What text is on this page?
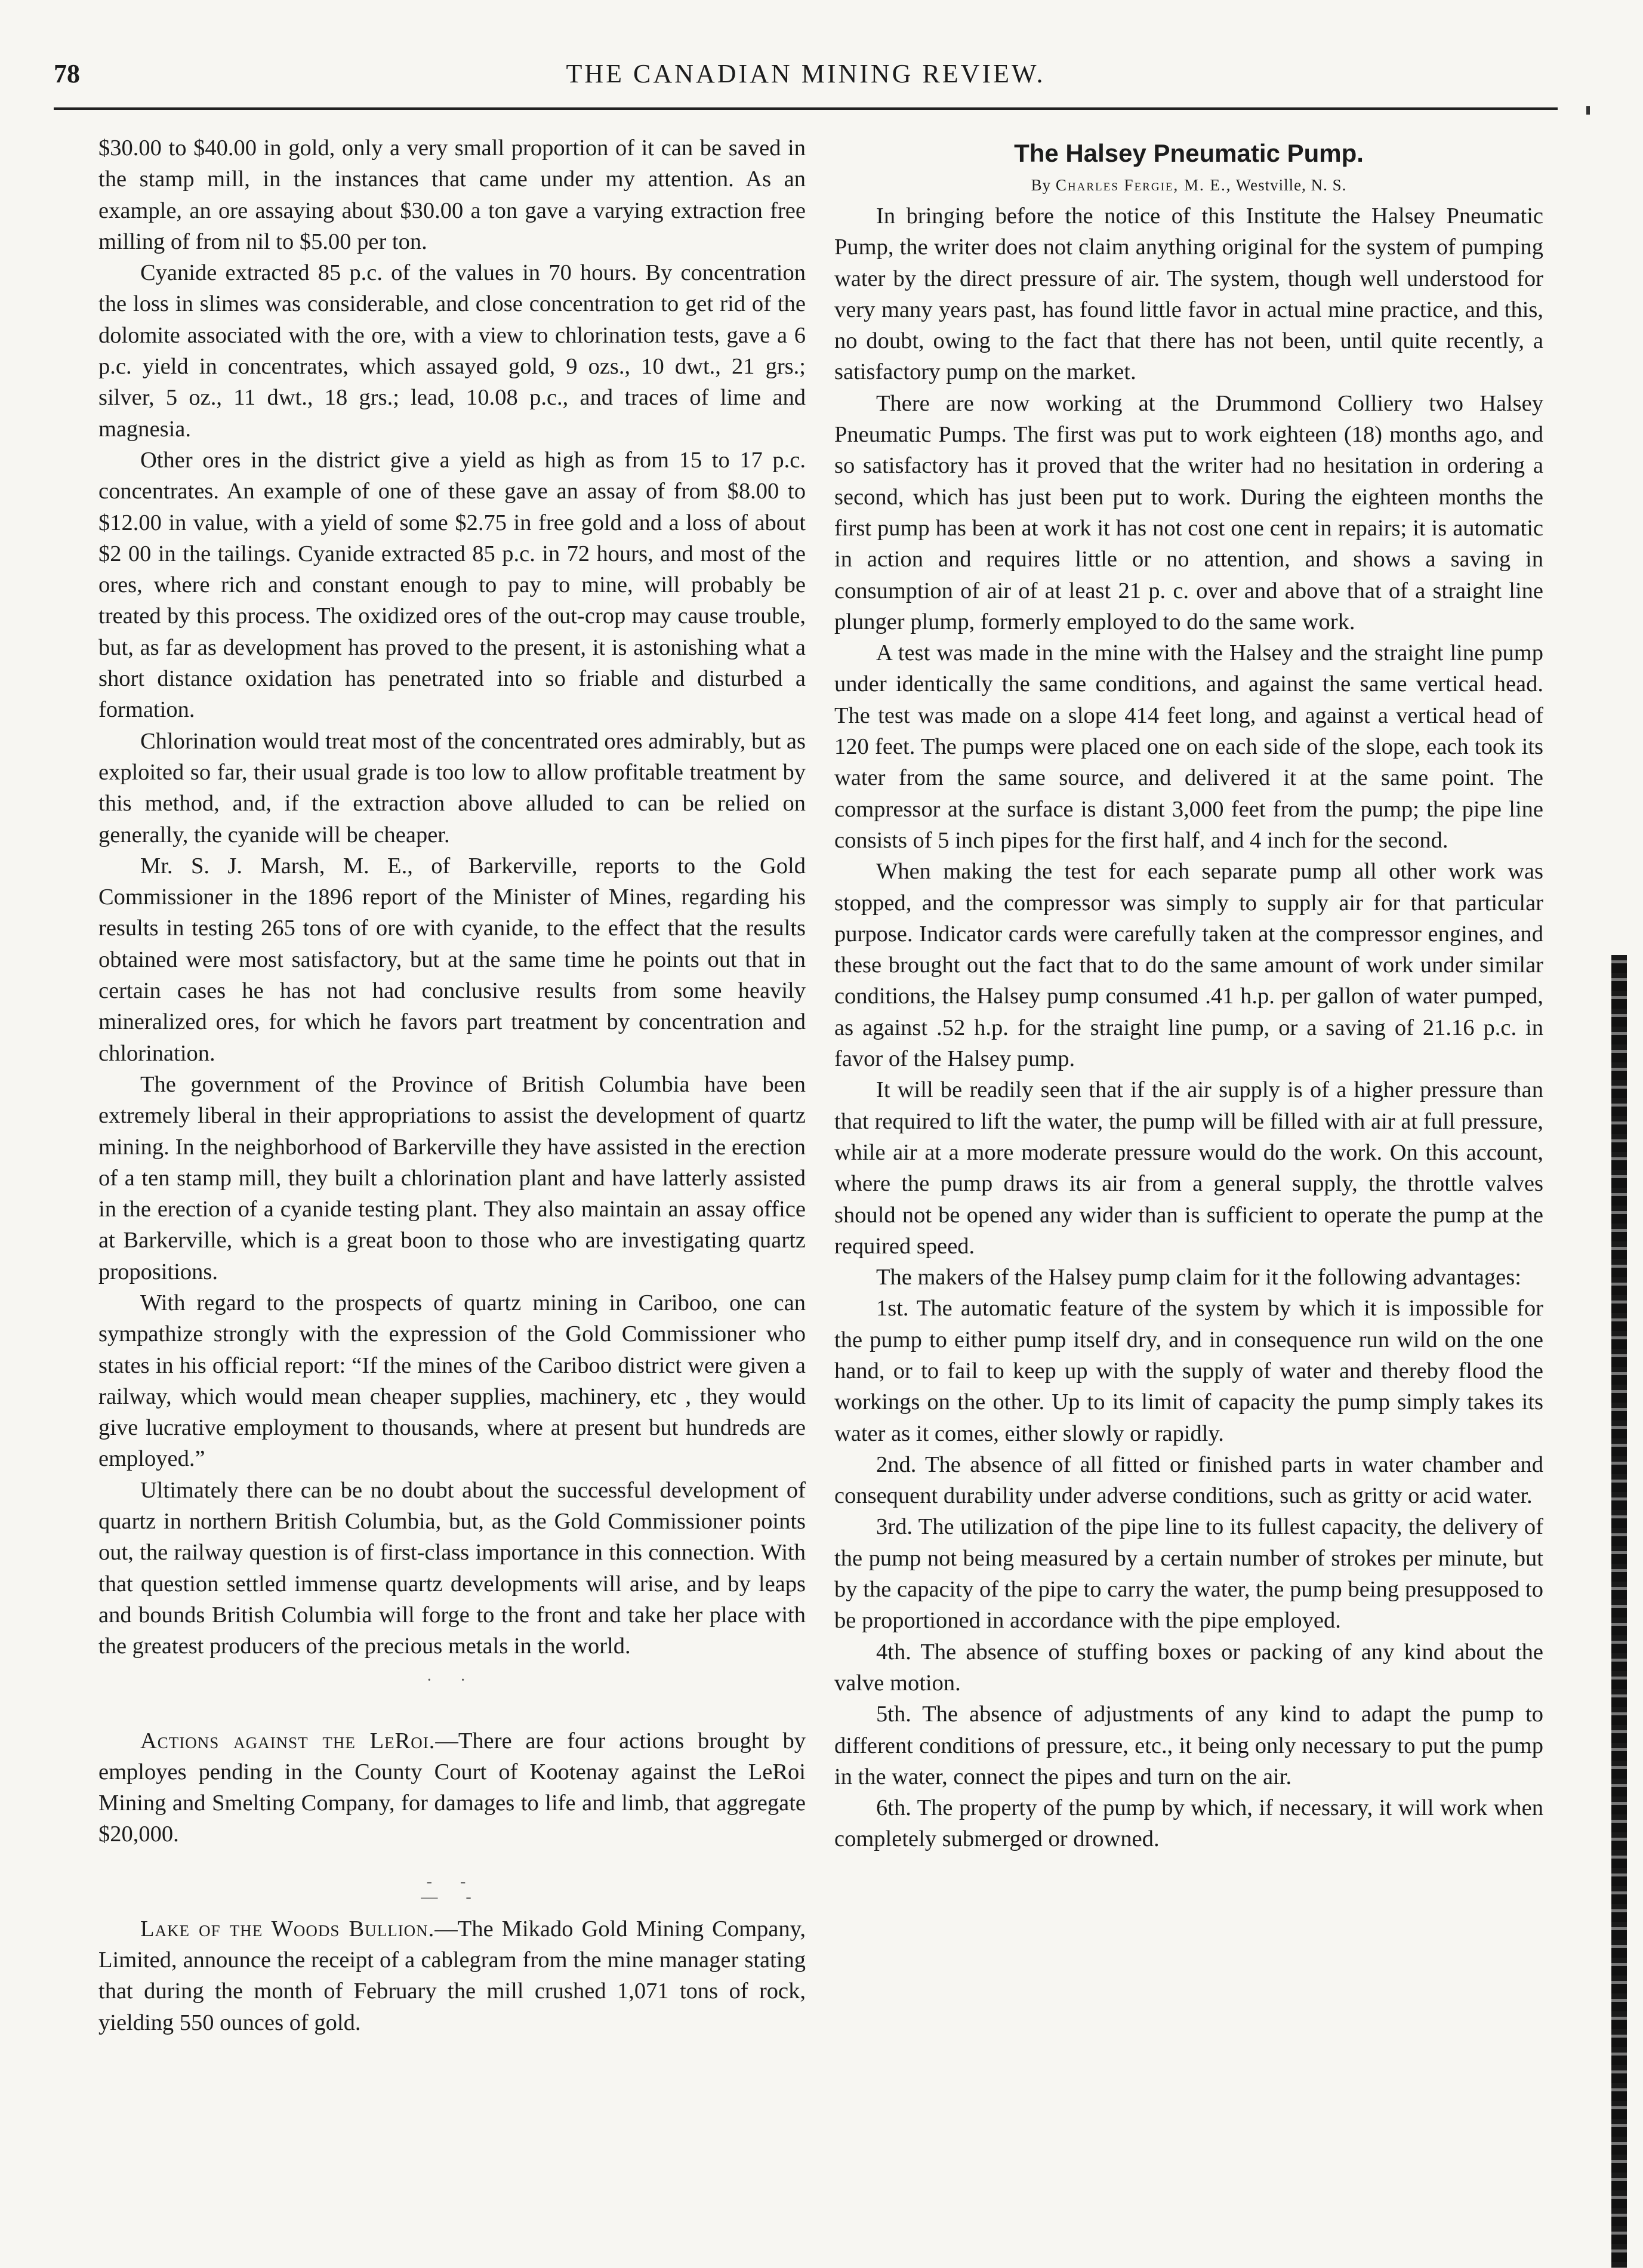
78	THE CANADIAN MINING REVIEW.

$30.00 to $40.00 in gold, only a very small proportion of it can be saved in the stamp mill, in the instances that came under my attention. As an example, an ore assaying about $30.00 a ton gave a varying extraction free milling of from nil to $5.00 per ton.

Cyanide extracted 85 p.c. of the values in 70 hours. By concentration the loss in slimes was considerable, and close concentration to get rid of the dolomite associated with the ore, with a view to chlorination tests, gave a 6 p.c. yield in concentrates, which assayed gold, 9 ozs., 10 dwt., 21 grs.; silver, 5 oz., 11 dwt., 18 grs.; lead, 10.08 p.c., and traces of lime and magnesia.

Other ores in the district give a yield as high as from 15 to 17 p.c. concentrates. An example of one of these gave an assay of from $8.00 to $12.00 in value, with a yield of some $2.75 in free gold and a loss of about $2 00 in the tailings. Cyanide extracted 85 p.c. in 72 hours, and most of the ores, where rich and constant enough to pay to mine, will probably be treated by this process. The oxidized ores of the out-crop may cause trouble, but, as far as development has proved to the present, it is astonishing what a short distance oxidation has penetrated into so friable and disturbed a formation.

Chlorination would treat most of the concentrated ores admirably, but as exploited so far, their usual grade is too low to allow profitable treatment by this method, and, if the extraction above alluded to can be relied on generally, the cyanide will be cheaper.

Mr. S. J. Marsh, M. E., of Barkerville, reports to the Gold Commissioner in the 1896 report of the Minister of Mines, regarding his results in testing 265 tons of ore with cyanide, to the effect that the results obtained were most satisfactory, but at the same time he points out that in certain cases he has not had conclusive results from some heavily mineralized ores, for which he favors part treatment by concentration and chlorination.

The government of the Province of British Columbia have been extremely liberal in their appropriations to assist the development of quartz mining. In the neighborhood of Barkerville they have assisted in the erection of a ten stamp mill, they built a chlorination plant and have latterly assisted in the erection of a cyanide testing plant. They also maintain an assay office at Barkerville, which is a great boon to those who are investigating quartz propositions.

With regard to the prospects of quartz mining in Cariboo, one can sympathize strongly with the expression of the Gold Commissioner who states in his official report: “If the mines of the Cariboo district were given a railway, which would mean cheaper supplies, machinery, etc , they would give lucrative employment to thousands, where at present but hundreds are employed.”

Ultimately there can be no doubt about the successful development of quartz in northern British Columbia, but, as the Gold Commissioner points out, the railway question is of first-class importance in this connection. With that question settled immense quartz developments will arise, and by leaps and bounds British Columbia will forge to the front and take her place with the greatest producers of the precious metals in the world.

· ·

Actions against the LeRoi.—There are four actions brought by employes pending in the County Court of Kootenay against the LeRoi Mining and Smelting Company, for damages to life and limb, that aggregate $20,000.

- - — -

Lake of the Woods Bullion.—The Mikado Gold Mining Company, Limited, announce the receipt of a cablegram from the mine manager stating that during the month of February the mill crushed 1,071 tons of rock, yielding 550 ounces of gold.

The Halsey Pneumatic Pump.
By Charles Fergie, M. E., Westville, N. S.

In bringing before the notice of this Institute the Halsey Pneumatic Pump, the writer does not claim anything original for the system of pumping water by the direct pressure of air. The system, though well understood for very many years past, has found little favor in actual mine practice, and this, no doubt, owing to the fact that there has not been, until quite recently, a satisfactory pump on the market.

There are now working at the Drummond Colliery two Halsey Pneumatic Pumps. The first was put to work eighteen (18) months ago, and so satisfactory has it proved that the writer had no hesitation in ordering a second, which has just been put to work. During the eighteen months the first pump has been at work it has not cost one cent in repairs; it is automatic in action and requires little or no attention, and shows a saving in consumption of air of at least 21 p. c. over and above that of a straight line plunger plump, formerly employed to do the same work.

A test was made in the mine with the Halsey and the straight line pump under identically the same conditions, and against the same vertical head. The test was made on a slope 414 feet long, and against a vertical head of 120 feet. The pumps were placed one on each side of the slope, each took its water from the same source, and delivered it at the same point. The compressor at the surface is distant 3,000 feet from the pump; the pipe line consists of 5 inch pipes for the first half, and 4 inch for the second.

When making the test for each separate pump all other work was stopped, and the compressor was simply to supply air for that particular purpose. Indicator cards were carefully taken at the compressor engines, and these brought out the fact that to do the same amount of work under similar conditions, the Halsey pump consumed .41 h.p. per gallon of water pumped, as against .52 h.p. for the straight line pump, or a saving of 21.16 p.c. in favor of the Halsey pump.

It will be readily seen that if the air supply is of a higher pressure than that required to lift the water, the pump will be filled with air at full pressure, while air at a more moderate pressure would do the work. On this account, where the pump draws its air from a general supply, the throttle valves should not be opened any wider than is sufficient to operate the pump at the required speed.

The makers of the Halsey pump claim for it the following advantages:

1st. The automatic feature of the system by which it is impossible for the pump to either pump itself dry, and in consequence run wild on the one hand, or to fail to keep up with the supply of water and thereby flood the workings on the other. Up to its limit of capacity the pump simply takes its water as it comes, either slowly or rapidly.

2nd. The absence of all fitted or finished parts in water chamber and consequent durability under adverse conditions, such as gritty or acid water.

3rd. The utilization of the pipe line to its fullest capacity, the delivery of the pump not being measured by a certain number of strokes per minute, but by the capacity of the pipe to carry the water, the pump being presupposed to be proportioned in accordance with the pipe employed.

4th. The absence of stuffing boxes or packing of any kind about the valve motion.

5th. The absence of adjustments of any kind to adapt the pump to different conditions of pressure, etc., it being only necessary to put the pump in the water, connect the pipes and turn on the air.

6th. The property of the pump by which, if necessary, it will work when completely submerged or drowned.
